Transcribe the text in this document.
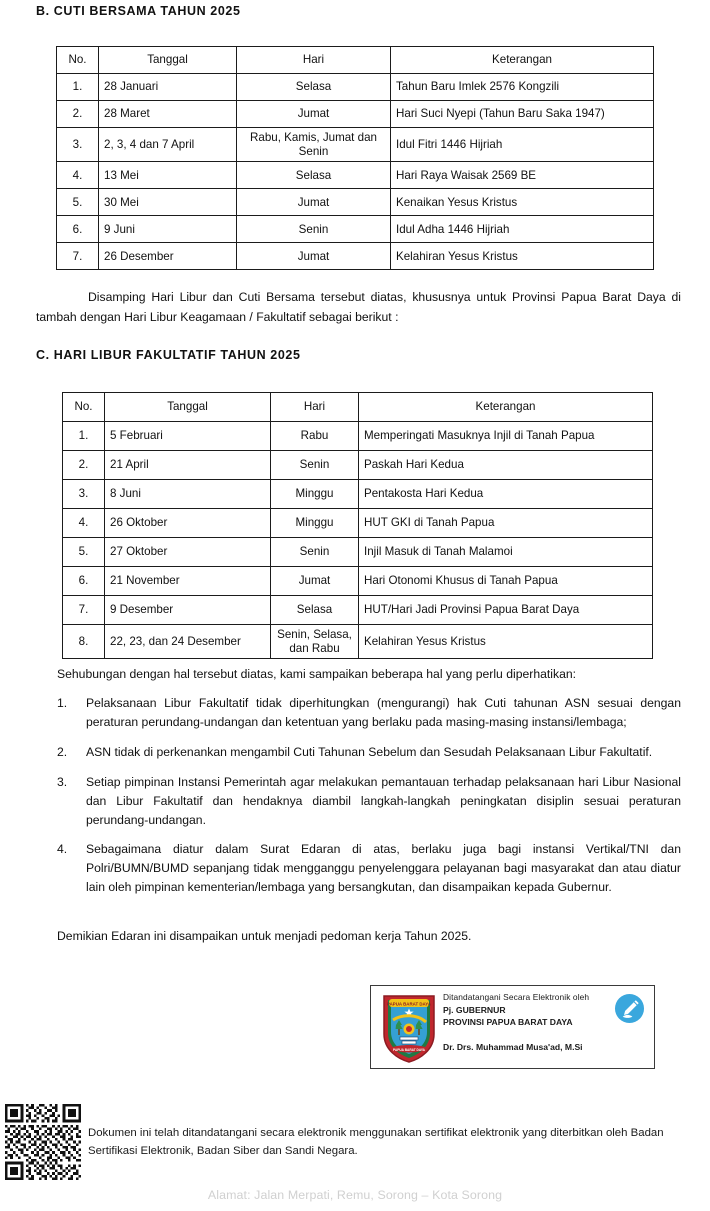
B. CUTI BERSAMA TAHUN 2025
No.	Tanggal	Hari	Keterangan
1.	28 Januari	Selasa	Tahun Baru Imlek 2576 Kongzili
2.	28 Maret	Jumat	Hari Suci Nyepi (Tahun Baru Saka 1947)
3.	2, 3, 4 dan 7 April	Rabu, Kamis, Jumat dan Senin	Idul Fitri 1446 Hijriah
4.	13 Mei	Selasa	Hari Raya Waisak 2569 BE
5.	30 Mei	Jumat	Kenaikan Yesus Kristus
6.	9 Juni	Senin	Idul Adha 1446 Hijriah
7.	26 Desember	Jumat	Kelahiran Yesus Kristus
Disamping Hari Libur dan Cuti Bersama tersebut diatas, khususnya untuk Provinsi Papua Barat Daya di tambah dengan Hari Libur Keagamaan / Fakultatif sebagai berikut :
C. HARI LIBUR FAKULTATIF TAHUN 2025
No.	Tanggal	Hari	Keterangan
1.	5 Februari	Rabu	Memperingati Masuknya Injil di Tanah Papua
2.	21 April	Senin	Paskah Hari Kedua
3.	8 Juni	Minggu	Pentakosta Hari Kedua
4.	26 Oktober	Minggu	HUT GKI di Tanah Papua
5.	27 Oktober	Senin	Injil Masuk di Tanah Malamoi
6.	21 November	Jumat	Hari Otonomi Khusus di Tanah Papua
7.	9 Desember	Selasa	HUT/Hari Jadi Provinsi Papua Barat Daya
8.	22, 23, dan 24 Desember	Senin, Selasa, dan Rabu	Kelahiran Yesus Kristus
Sehubungan dengan hal tersebut diatas, kami sampaikan beberapa hal yang perlu diperhatikan:
1.	Pelaksanaan Libur Fakultatif tidak diperhitungkan (mengurangi) hak Cuti tahunan ASN sesuai dengan peraturan perundang-undangan dan ketentuan yang berlaku pada masing-masing instansi/lembaga;
2.	ASN tidak di perkenankan mengambil Cuti Tahunan Sebelum dan Sesudah Pelaksanaan Libur Fakultatif.
3.	Setiap pimpinan Instansi Pemerintah agar melakukan pemantauan terhadap pelaksanaan hari Libur Nasional dan Libur Fakultatif dan hendaknya diambil langkah-langkah peningkatan disiplin sesuai peraturan perundang-undangan.
4.	Sebagaimana diatur dalam Surat Edaran di atas, berlaku juga bagi instansi Vertikal/TNI dan Polri/BUMN/BUMD sepanjang tidak mengganggu penyelenggara pelayanan bagi masyarakat dan atau diatur lain oleh pimpinan kementerian/lembaga yang bersangkutan, dan disampaikan kepada Gubernur.
Demikian Edaran ini disampaikan untuk menjadi pedoman kerja Tahun 2025.
PAPUA BARAT DAYA
PAPUA BARAT DAYA
Ditandatangani Secara Elektronik oleh
Pj. GUBERNUR
PROVINSI PAPUA BARAT DAYA
Dr. Drs. Muhammad Musa'ad, M.Si
Dokumen ini telah ditandatangani secara elektronik menggunakan sertifikat elektronik yang diterbitkan oleh Badan Sertifikasi Elektronik, Badan Siber dan Sandi Negara.
Alamat: Jalan Merpati, Remu, Sorong – Kota Sorong
